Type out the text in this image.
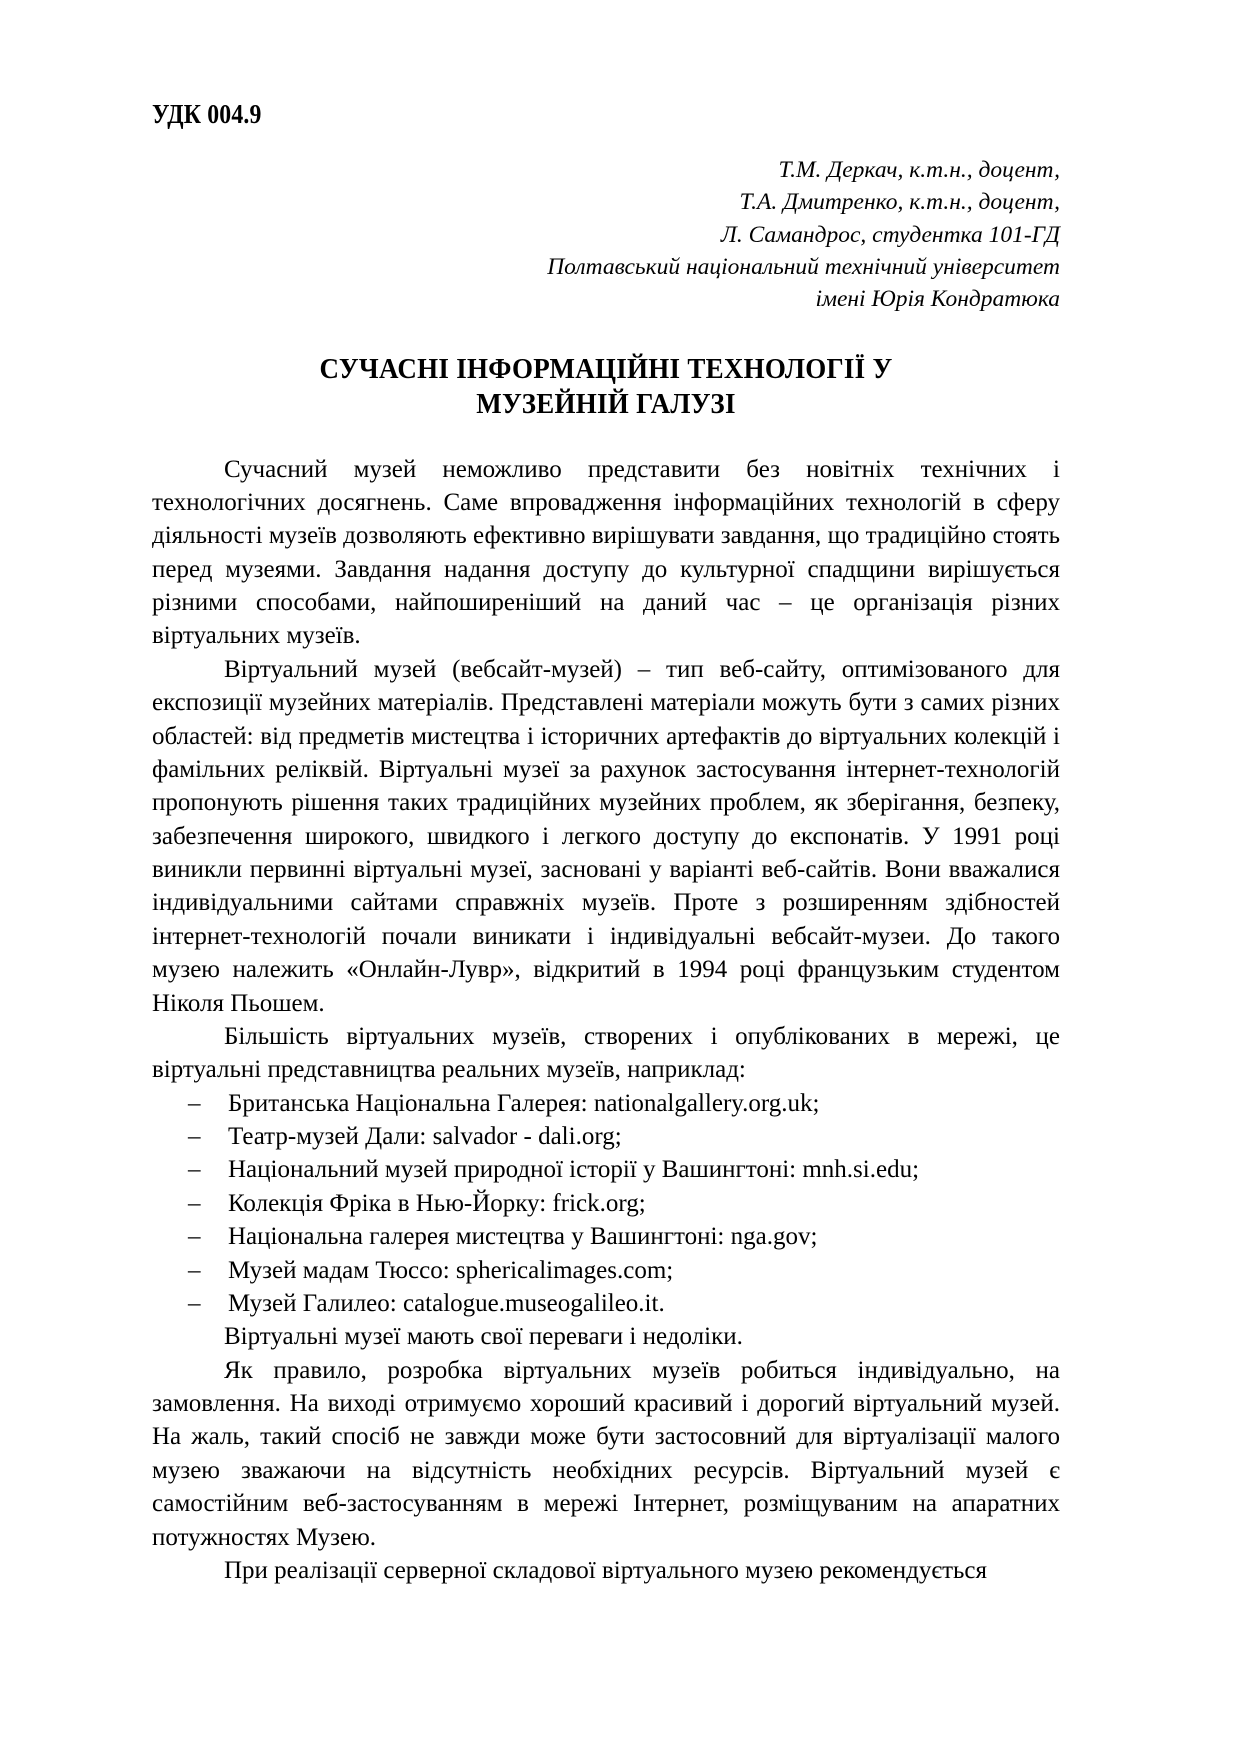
УДК 004.9
Т.М. Деркач, к.т.н., доцент,
Т.А. Дмитренко, к.т.н., доцент,
Л. Самандрос, студентка 101-ГД
Полтавський національний технічний університет
імені Юрія Кондратюка
СУЧАСНІ ІНФОРМАЦІЙНІ ТЕХНОЛОГІЇ У
МУЗЕЙНІЙ ГАЛУЗІ

Сучасний музей неможливо представити без новітніх технічних і технологічних досягнень. Саме впровадження інформаційних технологій в сферу діяльності музеїв дозволяють ефективно вирішувати завдання, що традиційно стоять перед музеями. Завдання надання доступу до культурної спадщини вирішується різними способами, найпоширеніший на даний час – це організація різних віртуальних музеїв.

Віртуальний музей (вебсайт-музей) – тип веб-сайту, оптимізованого для експозиції музейних матеріалів. Представлені матеріали можуть бути з самих різних областей: від предметів мистецтва і історичних артефактів до віртуальних колекцій і фамільних реліквій. Віртуальні музеї за рахунок застосування інтернет-технологій пропонують рішення таких традиційних музейних проблем, як зберігання, безпеку, забезпечення широкого, швидкого і легкого доступу до експонатів. У 1991 році виникли первинні віртуальні музеї, засновані у варіанті веб-сайтів. Вони вважалися індивідуальними сайтами справжніх музеїв. Проте з розширенням здібностей інтернет-технологій почали виникати і індивідуальні вебсайт-музеи. До такого музею належить «Онлайн-Лувр», відкритий в 1994 році французьким студентом Ніколя Пьошем.

Більшість віртуальних музеїв, створених і опублікованих в мережі, це віртуальні представництва реальних музеїв, наприклад:

–	Британська Національна Галерея: nationalgallery.org.uk;
–	Театр-музей Дали: salvador - dali.org;
–	Національний музей природної історії у Вашингтоні: mnh.si.edu;
–	Колекція Фріка в Нью-Йорку: frick.org;
–	Національна галерея мистецтва у Вашингтоні: nga.gov;
–	Музей мадам Тюссо: sphericalimages.com;
–	Музей Галилео: catalogue.museogalileo.it.

Віртуальні музеї мають свої переваги і недоліки.

Як правило, розробка віртуальних музеїв робиться індивідуально, на замовлення. На виході отримуємо хороший красивий і дорогий віртуальний музей. На жаль, такий спосіб не завжди може бути застосовний для віртуалізації малого музею зважаючи на відсутність необхідних ресурсів. Віртуальний музей є самостійним веб-застосуванням в мережі Інтернет, розміщуваним на апаратних потужностях Музею.

При реалізації серверної складової віртуального музею рекомендується
